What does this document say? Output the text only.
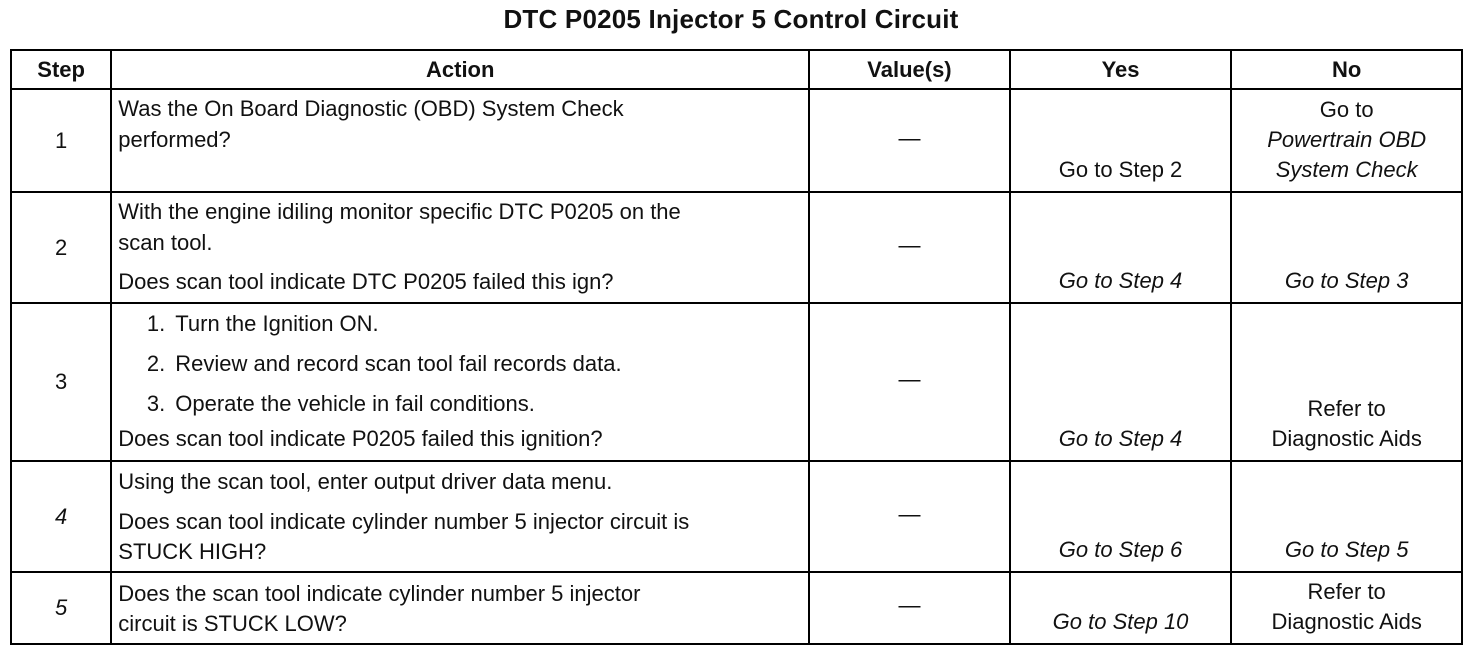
DTC P0205 Injector 5 Control Circuit
Step	Action	Value(s)	Yes	No

1	Was the On Board Diagnostic (OBD) System Check
performed?	—	Go to Step 2	Go to
Powertrain OBD
System Check

2	With the engine idiling monitor specific DTC P0205 on the
scan tool.
Does scan tool indicate DTC P0205 failed this ign?	—	Go to Step 4	Go to Step 3

3	1. Turn the Ignition ON.
2. Review and record scan tool fail records data.
3. Operate the vehicle in fail conditions.
Does scan tool indicate P0205 failed this ignition?	—	Go to Step 4	Refer to
Diagnostic Aids

4	Using the scan tool, enter output driver data menu.
Does scan tool indicate cylinder number 5 injector circuit is
STUCK HIGH?	—	Go to Step 6	Go to Step 5

5	Does the scan tool indicate cylinder number 5 injector
circuit is STUCK LOW?	—	Go to Step 10	Refer to
Diagnostic Aids
